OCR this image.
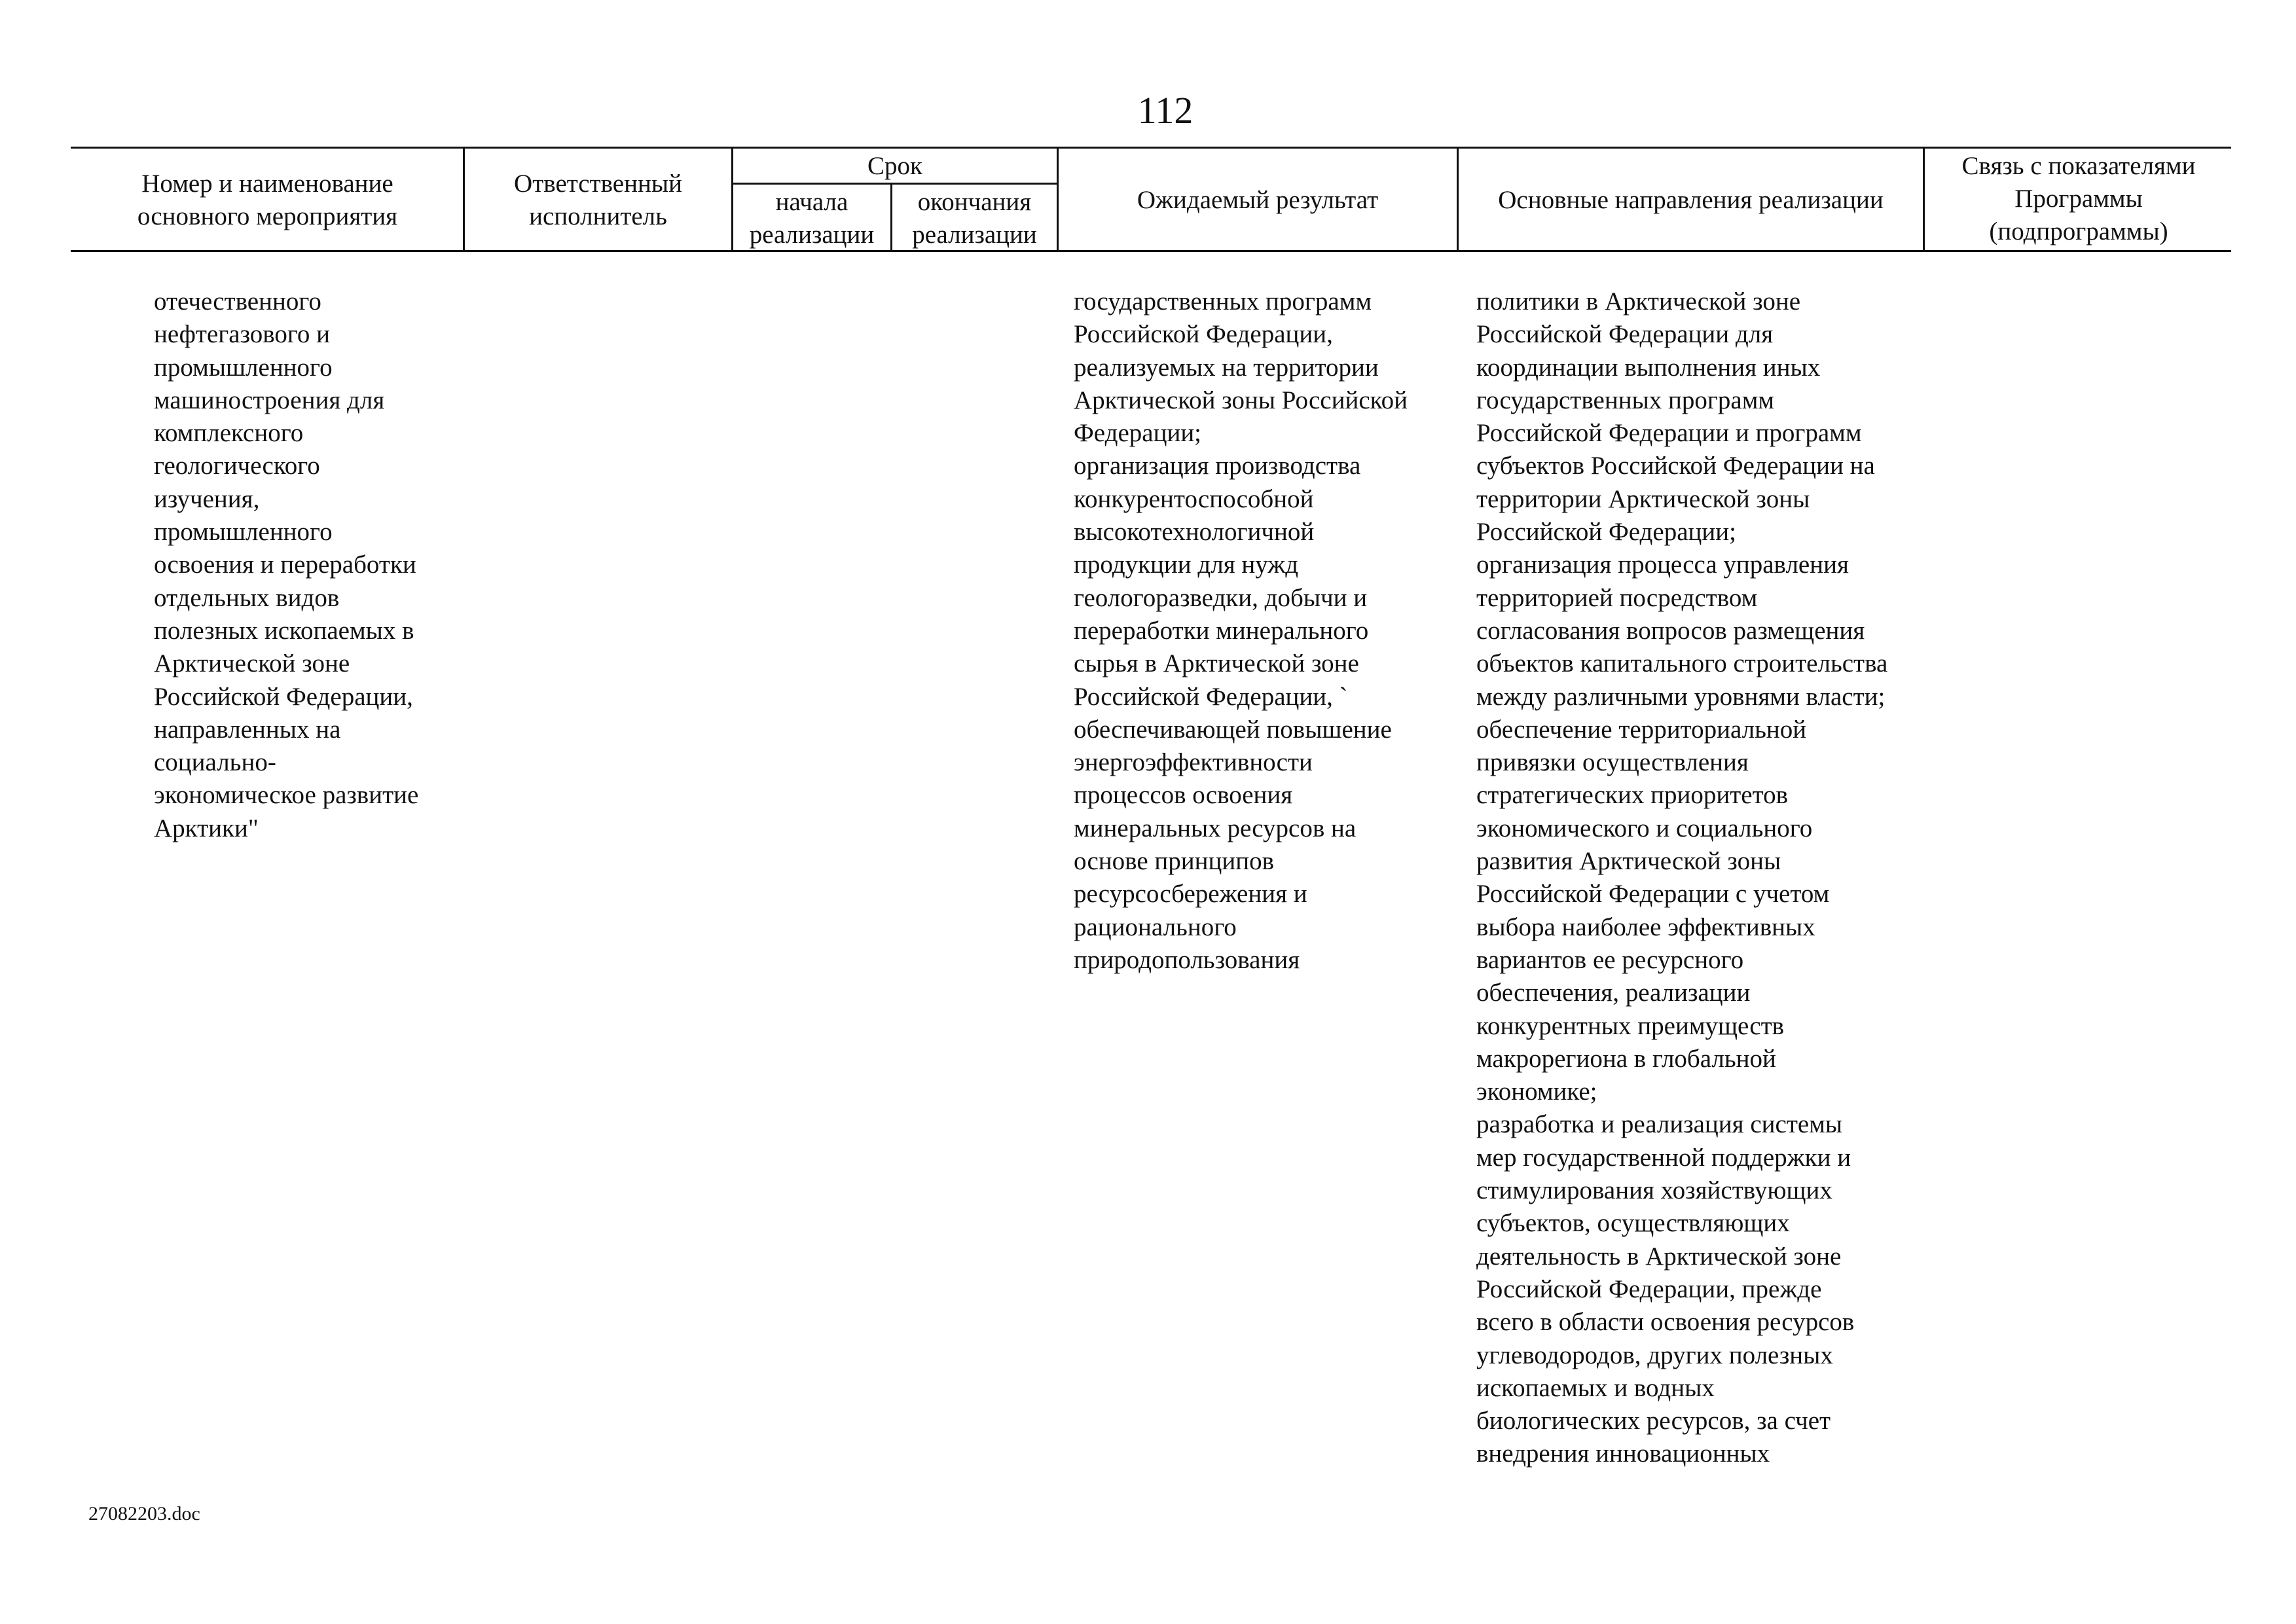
112
Номер и наименование
основного мероприятия
Ответственный
исполнитель
Срок
начала
реализации
окончания
реализации
Ожидаемый результат	Основные направления реализации
Связь с показателями
Программы
(подпрограммы)
отечественного
нефтегазового и
промышленного
машиностроения для
комплексного
геологического
изучения,
промышленного
освоения и переработки
отдельных видов
полезных ископаемых в
Арктической зоне
Российской Федерации,
направленных на
социально-
экономическое развитие
Арктики"
государственных программ
Российской Федерации,
реализуемых на территории
Арктической зоны Российской
Федерации;
организация производства
конкурентоспособной
высокотехнологичной
продукции для нужд
геологоразведки, добычи и
переработки минерального
сырья в Арктической зоне
Российской Федерации, `
обеспечивающей повышение
энергоэффективности
процессов освоения
минеральных ресурсов на
основе принципов
ресурсосбережения и
рационального
природопользования
политики в Арктической зоне
Российской Федерации для
координации выполнения иных
государственных программ
Российской Федерации и программ
субъектов Российской Федерации на
территории Арктической зоны
Российской Федерации;
организация процесса управления
территорией посредством
согласования вопросов размещения
объектов капитального строительства
между различными уровнями власти;
обеспечение территориальной
привязки осуществления
стратегических приоритетов
экономического и социального
развития Арктической зоны
Российской Федерации с учетом
выбора наиболее эффективных
вариантов ее ресурсного
обеспечения, реализации
конкурентных преимуществ
макрорегиона в глобальной
экономике;
разработка и реализация системы
мер государственной поддержки и
стимулирования хозяйствующих
субъектов, осуществляющих
деятельность в Арктической зоне
Российской Федерации, прежде
всего в области освоения ресурсов
углеводородов, других полезных
ископаемых и водных
биологических ресурсов, за счет
внедрения инновационных
27082203.doc
